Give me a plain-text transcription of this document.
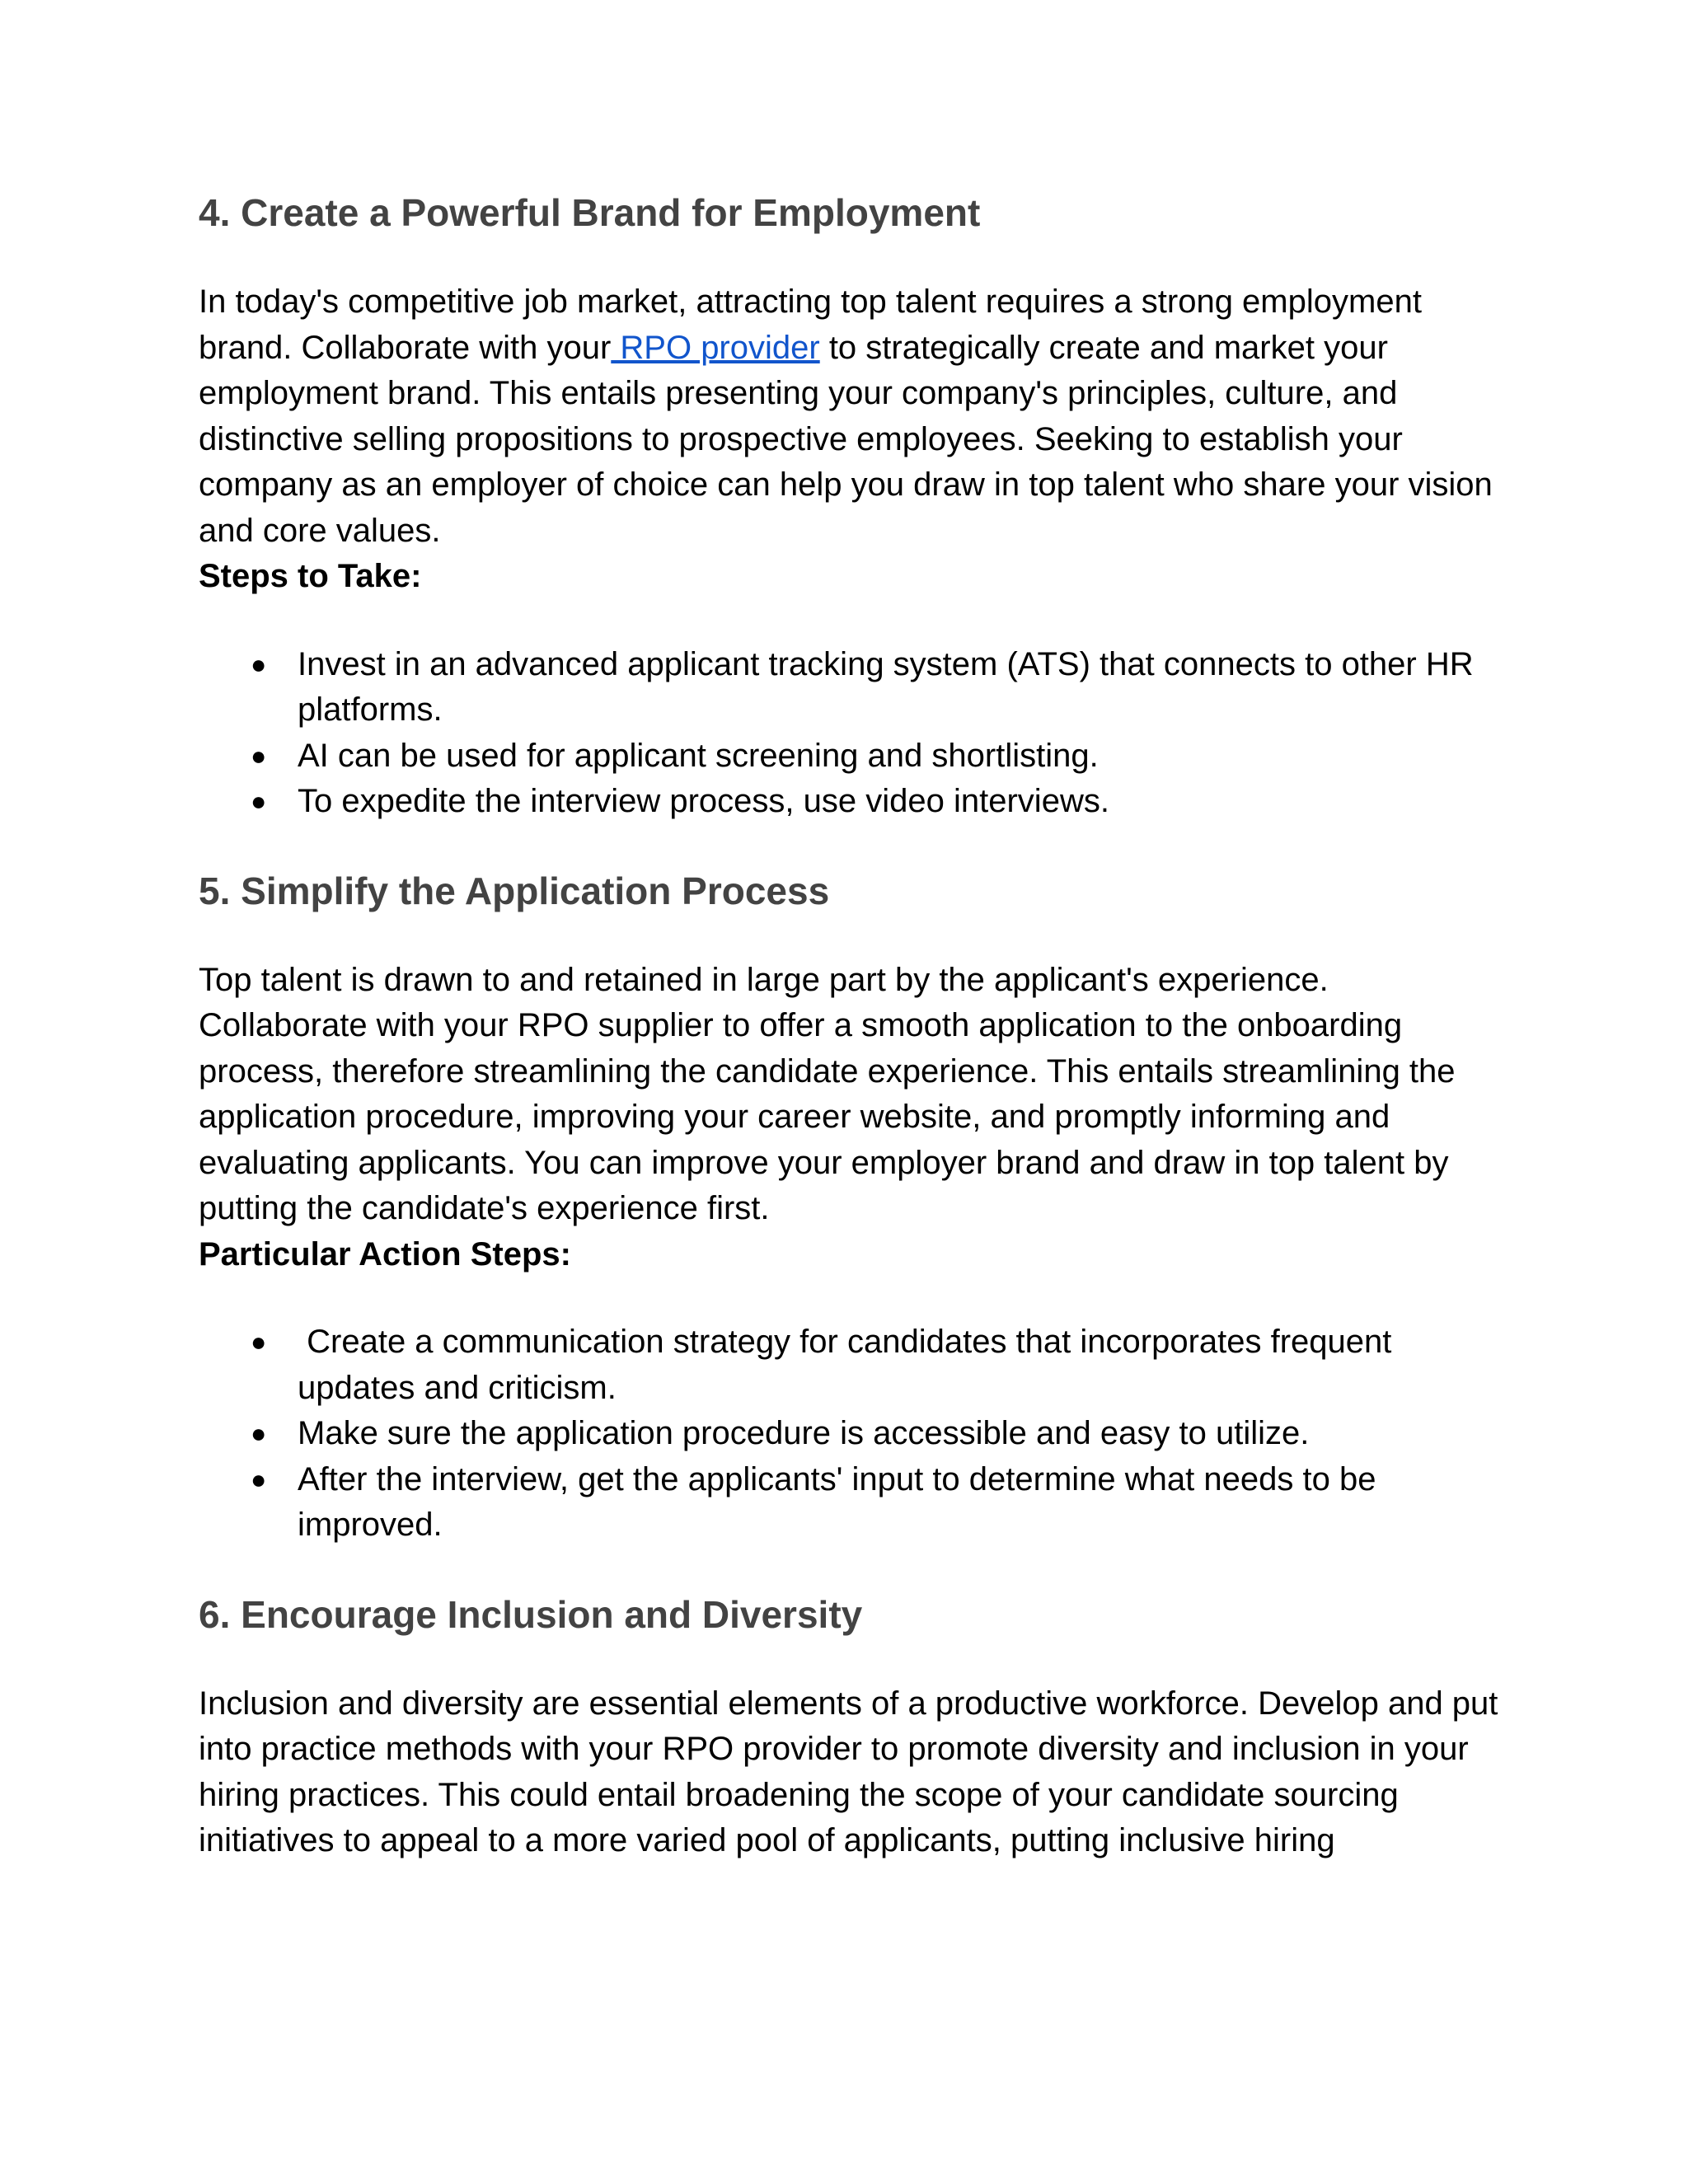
4. Create a Powerful Brand for Employment

In today's competitive job market, attracting top talent requires a strong employment brand. Collaborate with your RPO provider to strategically create and market your employment brand. This entails presenting your company's principles, culture, and distinctive selling propositions to prospective employees. Seeking to establish your company as an employer of choice can help you draw in top talent who share your vision and core values.

Steps to Take:

● Invest in an advanced applicant tracking system (ATS) that connects to other HR platforms.
● AI can be used for applicant screening and shortlisting.
● To expedite the interview process, use video interviews.
5. Simplify the Application Process

Top talent is drawn to and retained in large part by the applicant's experience. Collaborate with your RPO supplier to offer a smooth application to the onboarding process, therefore streamlining the candidate experience. This entails streamlining the application procedure, improving your career website, and promptly informing and evaluating applicants. You can improve your employer brand and draw in top talent by putting the candidate's experience first.

Particular Action Steps:

● Create a communication strategy for candidates that incorporates frequent updates and criticism.
● Make sure the application procedure is accessible and easy to utilize.
● After the interview, get the applicants' input to determine what needs to be improved.
6. Encourage Inclusion and Diversity

Inclusion and diversity are essential elements of a productive workforce. Develop and put into practice methods with your RPO provider to promote diversity and inclusion in your hiring practices. This could entail broadening the scope of your candidate sourcing initiatives to appeal to a more varied pool of applicants, putting inclusive hiring
